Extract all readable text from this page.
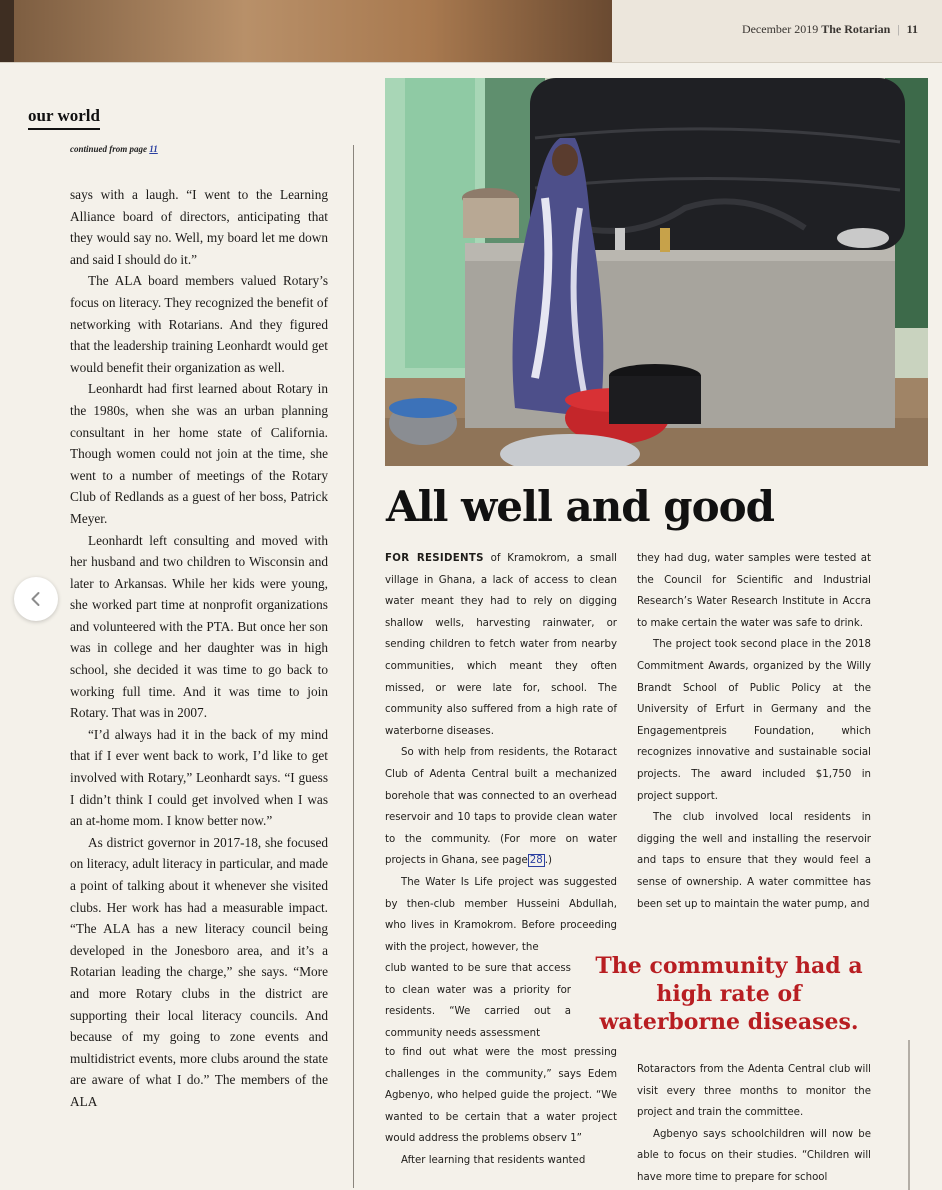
December 2019 The Rotarian | 11
our world
continued from page 11

says with a laugh. “I went to the Learning Alliance board of directors, anticipating that they would say no. Well, my board let me down and said I should do it.”

The ALA board members valued Rotary’s focus on literacy. They recognized the benefit of networking with Rotarians. And they figured that the leadership training Leonhardt would get would benefit their organization as well.

Leonhardt had first learned about Rotary in the 1980s, when she was an urban planning consultant in her home state of California. Though women could not join at the time, she went to a number of meetings of the Rotary Club of Redlands as a guest of her boss, Patrick Meyer.

Leonhardt left consulting and moved with her husband and two children to Wisconsin and later to Arkansas. While her kids were young, she worked part time at nonprofit organizations and volunteered with the PTA. But once her son was in college and her daughter was in high school, she decided it was time to go back to working full time. And it was time to join Rotary. That was in 2007.

“I’d always had it in the back of my mind that if I ever went back to work, I’d like to get involved with Rotary,” Leonhardt says. “I guess I didn’t think I could get involved when I was an at-home mom. I know better now.”

As district governor in 2017-18, she focused on literacy, adult literacy in particular, and made a point of talking about it whenever she visited clubs. Her work has had a measurable impact. “The ALA has a new literacy council being developed in the Jonesboro area, and it’s a Rotarian leading the charge,” she says. “More and more Rotary clubs in the district are supporting their local literacy councils. And because of my going to zone events and multidistrict events, more clubs around the state are aware of what I do.” The members of the ALA

All well and good

FOR RESIDENTS of Kramokrom, a small village in Ghana, a lack of access to clean water meant they had to rely on digging shallow wells, harvesting rainwater, or sending children to fetch water from nearby communities, which meant they often missed, or were late for, school. The community also suffered from a high rate of waterborne diseases.

So with help from residents, the Rotaract Club of Adenta Central built a mechanized borehole that was connected to an overhead reservoir and 10 taps to provide clean water to the community. (For more on water projects in Ghana, see page 28 .)

The Water Is Life project was suggested by then-club member Husseini Abdullah, who lives in Kramokrom. Before proceeding with the project, however, the

club wanted to be sure that access to clean water was a priority for residents. “We carried out a community needs assessment

to find out what were the most pressing challenges in the community,” says Edem Agbenyo, who helped guide the project. “We wanted to be certain that a water project would address the problems observ 1”

After learning that residents wanted

they had dug, water samples were tested at the Council for Scientific and Industrial Research’s Water Research Institute in Accra to make certain the water was safe to drink.

The project took second place in the 2018 Commitment Awards, organized by the Willy Brandt School of Public Policy at the University of Erfurt in Germany and the Engagementpreis Foundation, which recognizes innovative and sustainable social projects. The award included $1,750 in project support.

The club involved local residents in digging the well and installing the reservoir and taps to ensure that they would feel a sense of ownership. A water committee has been set up to maintain the water pump, and

Rotaractors from the Adenta Central club will visit every three months to monitor the project and train the committee.

Agbenyo says schoolchildren will now be able to focus on their studies. “Children will have more time to prepare for school

The community had a high rate of waterborne diseases.
